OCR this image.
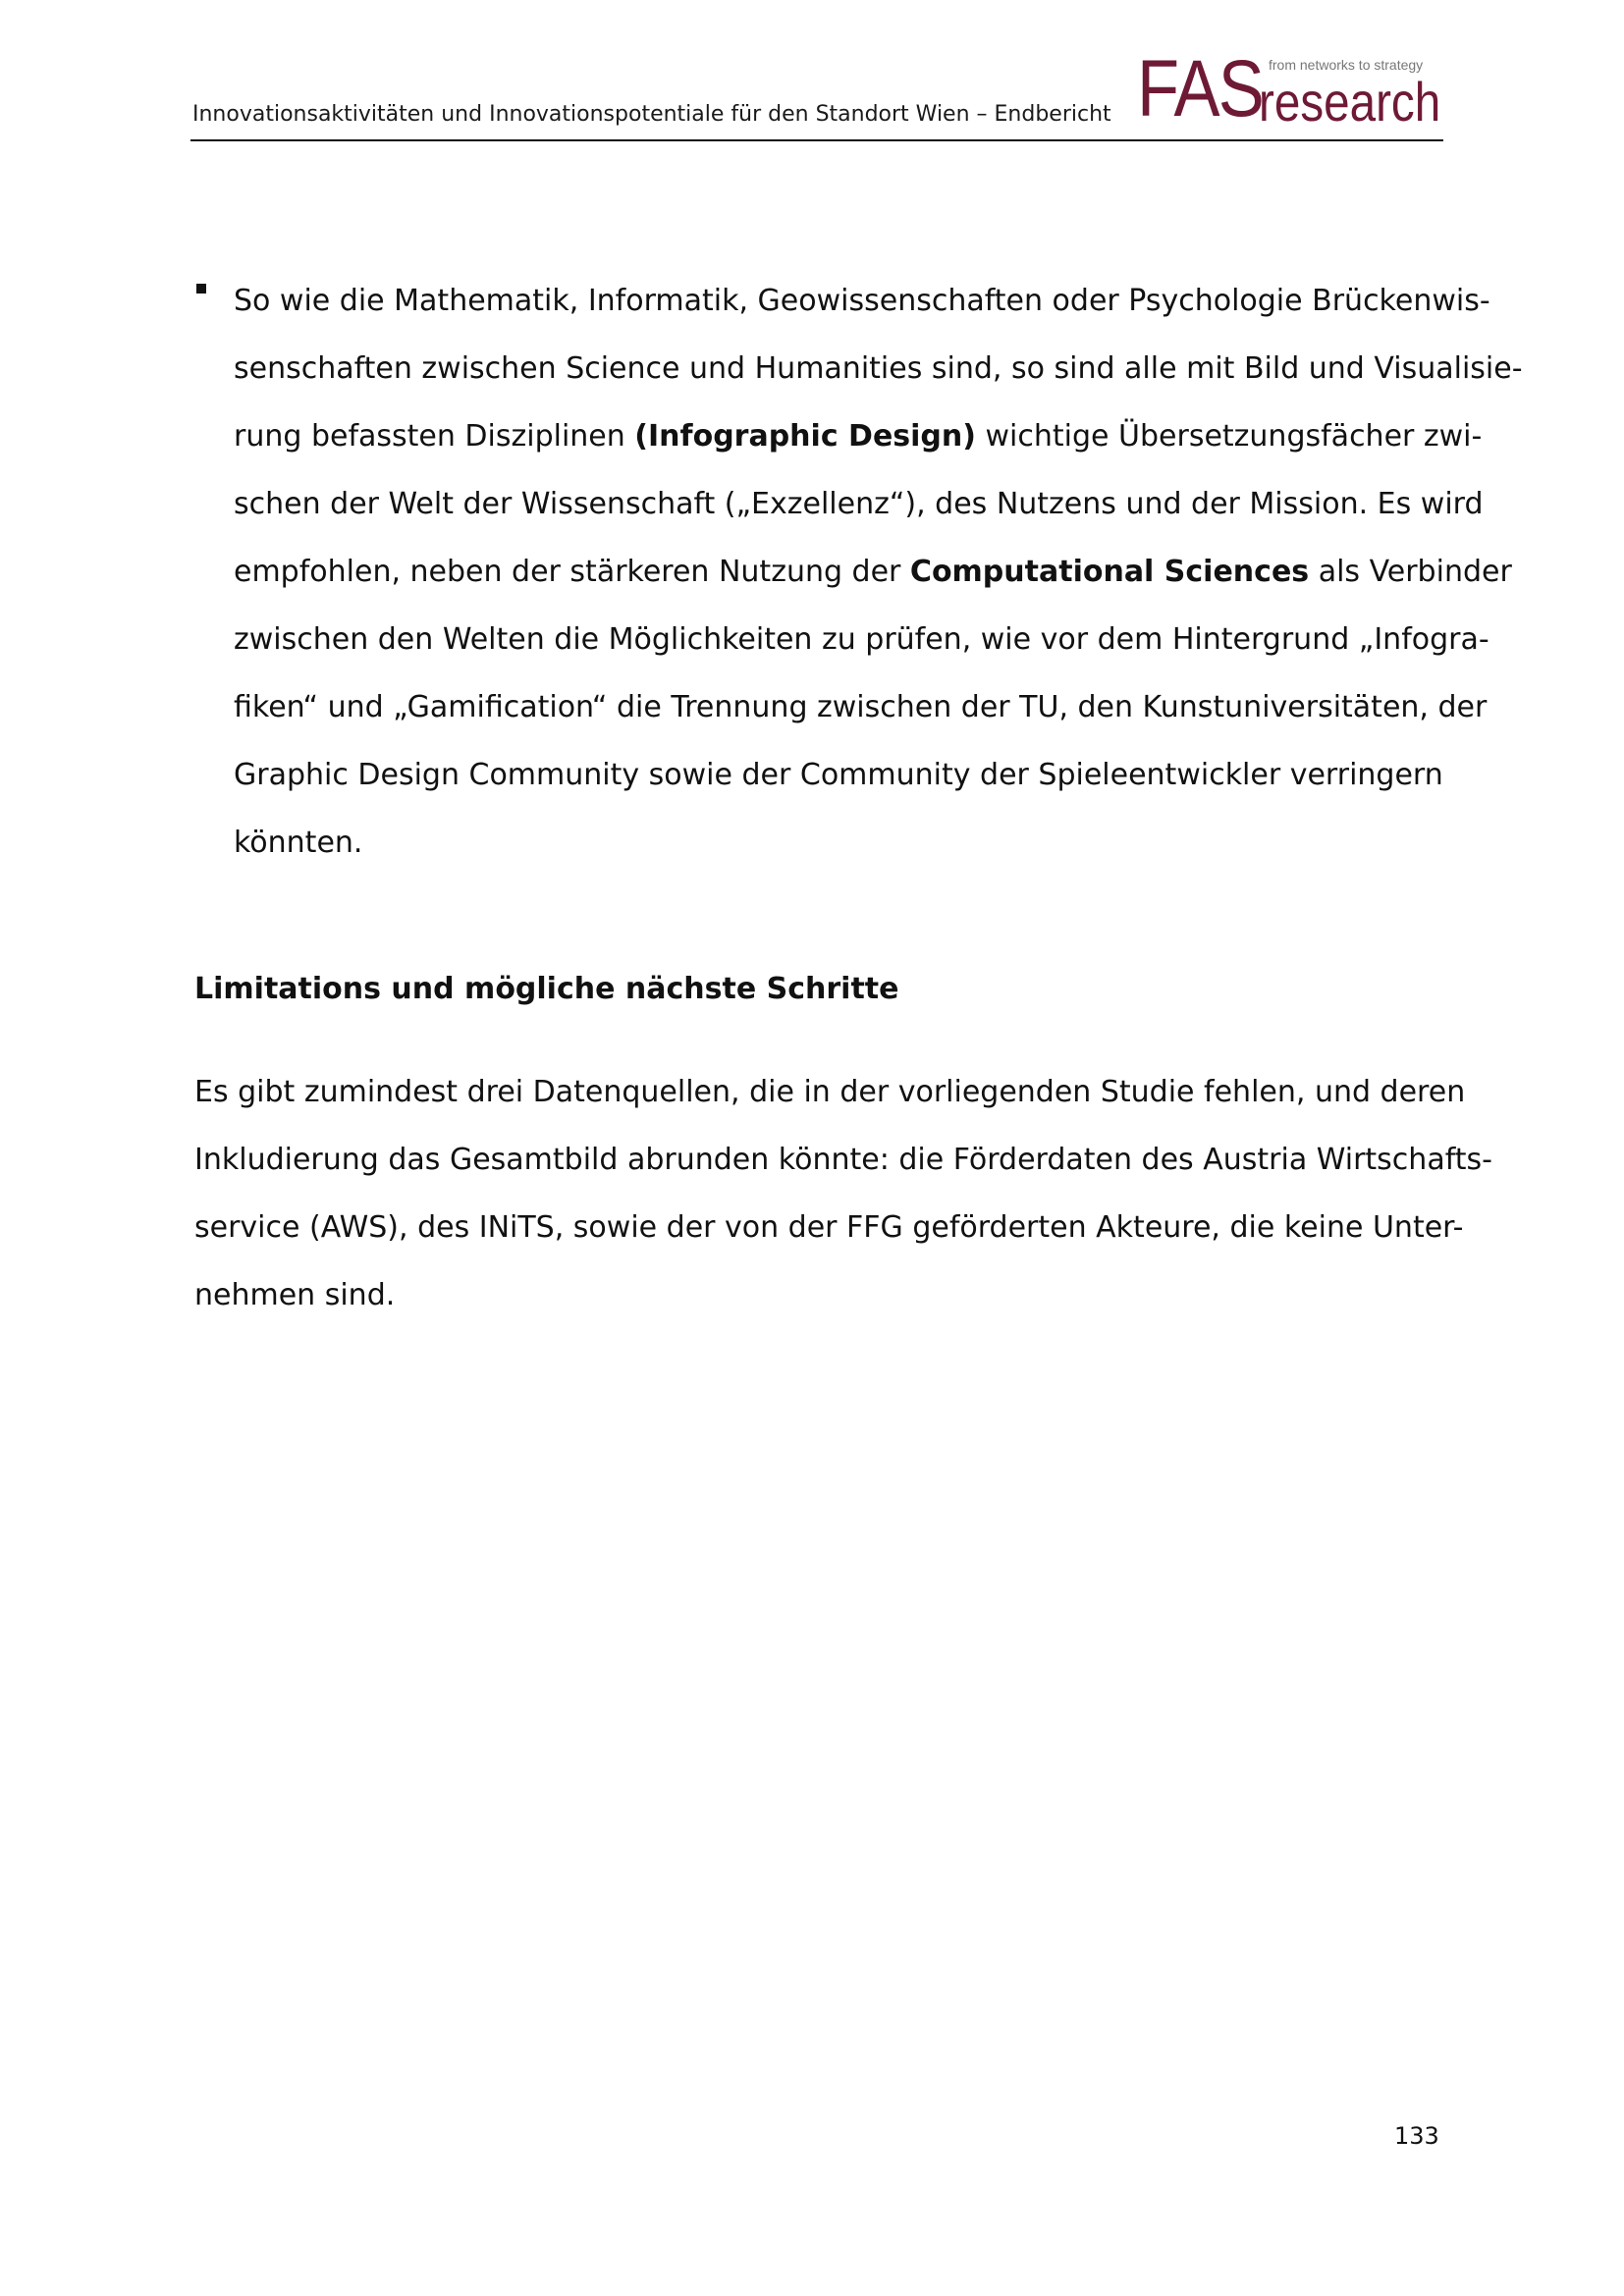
Innovationsaktivitäten und Innovationspotentiale für den Standort Wien – Endbericht FAS from networks to strategy
research
So wie die Mathematik, Informatik, Geowissenschaften oder Psychologie Brückenwis-
senschaften zwischen Science und Humanities sind, so sind alle mit Bild und Visualisie-
rung befassten Disziplinen (Infographic Design) wichtige Übersetzungsfächer zwi-
schen der Welt der Wissenschaft („Exzellenz“), des Nutzens und der Mission. Es wird
empfohlen, neben der stärkeren Nutzung der Computational Sciences als Verbinder
zwischen den Welten die Möglichkeiten zu prüfen, wie vor dem Hintergrund „Infogra-
fiken“ und „Gamification“ die Trennung zwischen der TU, den Kunstuniversitäten, der
Graphic Design Community sowie der Community der Spieleentwickler verringern
könnten.
Limitations und mögliche nächste Schritte
Es gibt zumindest drei Datenquellen, die in der vorliegenden Studie fehlen, und deren
Inkludierung das Gesamtbild abrunden könnte: die Förderdaten des Austria Wirtschafts-
service (AWS), des INiTS, sowie der von der FFG geförderten Akteure, die keine Unter-
nehmen sind.
133
